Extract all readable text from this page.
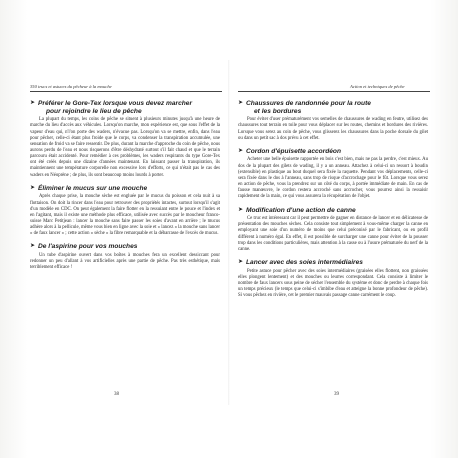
350 trucs et astuces du pêcheur à la mouche
➤ Préférer le Gore-Tex lorsque vous devez marcher

pour rejoindre le lieu de pêche

La plupart du temps, les coins de pêche se situent à plusieurs minutes jusqu'à une heure de marche du lieu d'accès aux véhicules. Lorsqu'on marche, mon expérience est, que sous l'effet de la vapeur d'eau qui, n'l'on porte des waders, n'évacue pas. Lorsqu'on va se mettre, enfin, dans l'eau pour pêcher, celle-ci étant plus froide que le corps, va condenser la transpiration accumulée, une sensation de froid va se faire ressentir. De plus, durant la marche d'approche du coin de pêche, nous aurons perdu de l'eau et nous risquerons d'être déshydraté surtout s'il fait chaud et que le terrain parcouru était accidenté. Pour remédier à ces problèmes, les waders respirants du type Gore-Tex ont été créés depuis une dizaine d'années maintenant. En laissant passer la transpiration, ils maintiennent une température corporelle non excessive lors d'efforts, ce qui n'était pas le cas des waders en Néoprène ; de plus, ils sont beaucoup moins lourds à porter.

➤ Éliminer le mucus sur une mouche

Après chaque prise, la mouche sèche est engluée par le mucus du poisson et cela nuit à sa flottaison. On doit la rincer dans l'eau pour retrouver des propriétés intactes, surtout lorsqu'il s'agit d'un modèle en CDC. On peut également la faire flotter en la ressuiant entre le pouce et l'index et en l'agitant, mais il existe une méthode plus efficace, utilisée avec succès par le moucheur franco-suisse Marc Petitjean : lancer la mouche sans faire passer les soies d'avant en arrière ; le mucus adhère alors à la pellicule, même vous bien en ligne avec la soie et « lancez » la mouche sans lancer « de faux lancer » ; cette action « sèche » la fibre remarquable et la débarrasse de l'excès de mucus.

➤ De l'aspirine pour vos mouches

Un tube d'aspirine ouvert dans vos boîtes à mouches fera un excellent dessiccant pour redonner un peu d'allant à vos artificielles après une partie de pêche. Pas très esthétique, mais terriblement efficace !

38
Action et techniques de pêche
➤ Chaussures de randonnée pour la route

et les bordures

Pour éviter d'user prématurément vos semelles de chaussures de wading en feutre, utilisez des chaussures tout terrain en toile pour vous déplacer sur les routes, chemins et bordures des rivières. Lorsque vous serez au coin de pêche, vous glisserez les chaussures dans la poche dorsale du gilet ou dans un petit sac à dos prévu à cet effet.

➤ Cordon d'épuisette accordéon

Acheter une belle épuisette rapportée en bois c'est bien, mais ne pas la perdre, c'est mieux. Au dos de la plupart des gilets de wading, il y a un anneau. Attachez à celui-ci un ressort à boudin (extensible) en plastique au bout duquel sera fixée la raquette. Pendant vos déplacements, celle-ci sera fixée dans le dos à l'anneau, sans trop de risque d'accrochage pour le fût. Lorsque vous serez en action de pêche, vous la prendrez sur un côté du corps, à portée immédiate de main. En cas de fausse manœuvre, le cordon restera accroché sans accrocher, vous pourrez ainsi la ressaisir rapidement de la main, ce qui vous assurera la récupération de l'objet.

➤ Modification d'une action de canne

Ce truc est intéressant car il peut permettre de gagner en distance de lancer et en délicatesse de présentation des mouches sèches. Cela consiste tout simplement à vous-même charger la canne en employant une soie d'un numéro de moins que celui préconisé par le fabricant, ou en profil différent à numéro égal. En effet, il est possible de surcharger une canne pour éviter de la pousser trop dans les conditions particulières, mais attention à la casse ou à l'usure prématurée du nerf de la canne.

➤ Lancer avec des soies intermédiaires

Petite astuce pour pêcher avec des soies intermédiaires (graisées elles flottent, non graissées elles plongent lentement) et des mouches ou leurres correspondant. Cela consiste à limiter le nombre de faux lancers sous peine de sécher l'ensemble du système et donc de perdre à chaque fois un temps précieux (le temps que celui-ci s'imbibe d'eau et atteigne la bonne profondeur de pêche). Si vous pêchez en rivière, cet le premier mauvais passage canne carrément le coup.

39
